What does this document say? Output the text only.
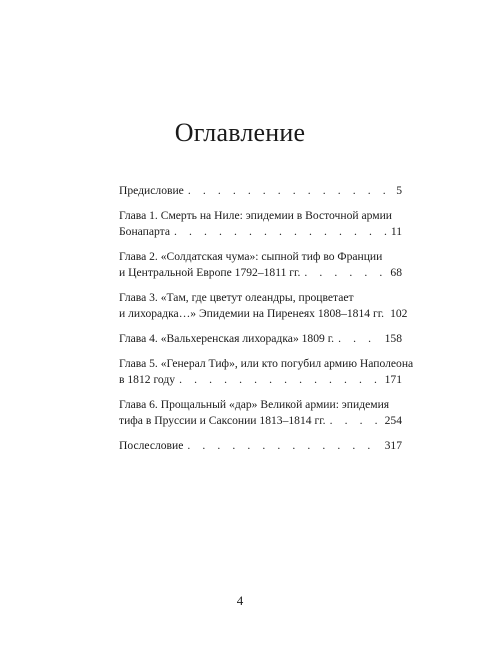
Оглавление
Предисловие . . .	5
Глава 1. Смерть на Ниле: эпидемии в Восточной армии
Бонапарта . . .	11
Глава 2. «Солдатская чума»: сыпной тиф во Франции
и Центральной Европе 1792–1811 гг. . . .	68
Глава 3. «Там, где цветут олеандры, процветает
и лихорадка…» Эпидемии на Пиренеях 1808–1814 гг. 102
Глава 4. «Вальхеренская лихорадка» 1809 г. . . .	158
Глава 5. «Генерал Тиф», или кто погубил армию Наполеона
в 1812 году . . .	171
Глава 6. Прощальный «дар» Великой армии: эпидемия
тифа в Пруссии и Саксонии 1813–1814 гг. . . .	254
Послесловие . . .	317
4
